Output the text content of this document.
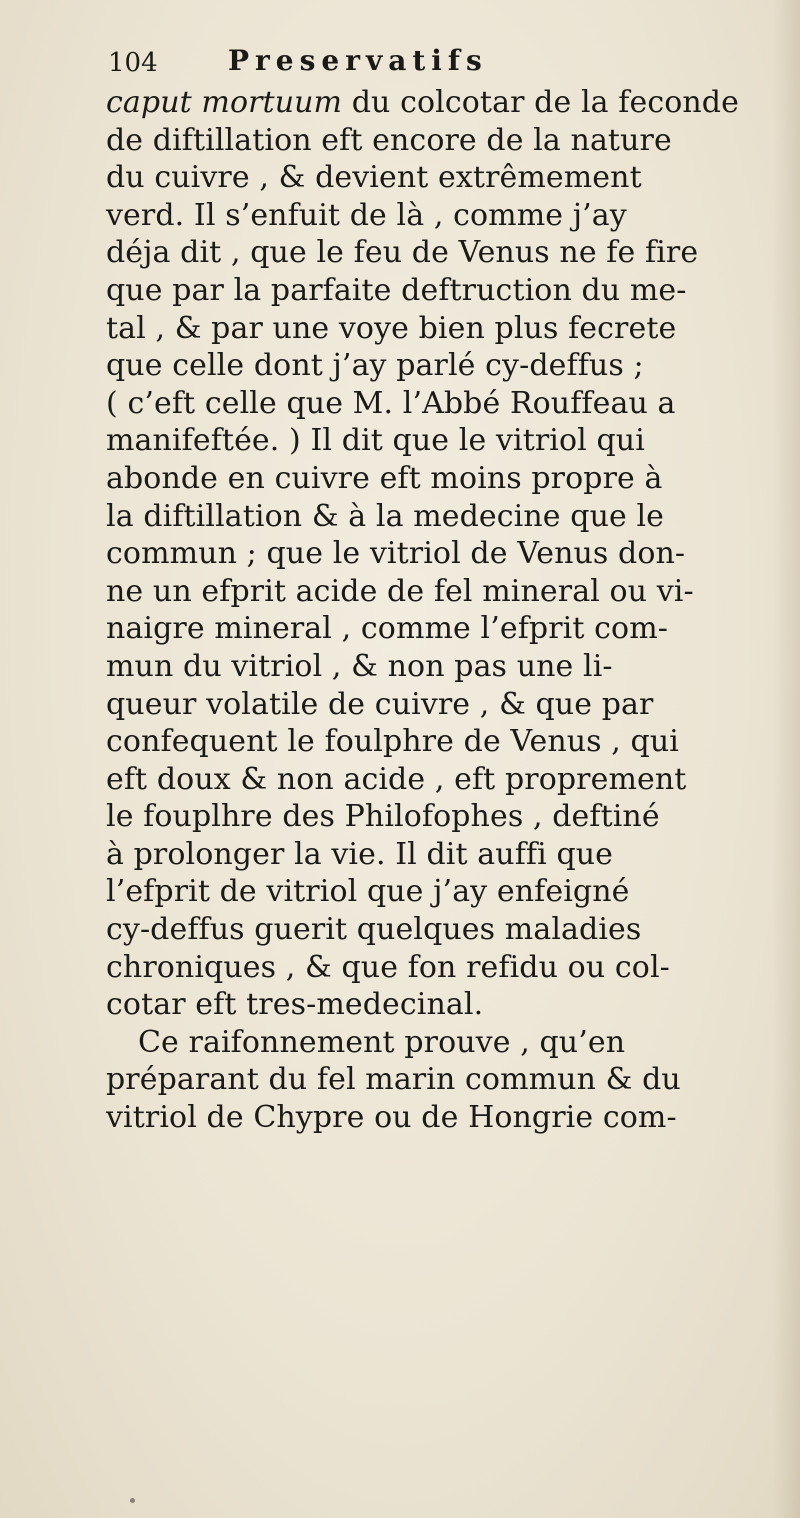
104	Preservatifs
caput mortuum du colcotar de la feconde
de diftillation eft encore de la nature
du cuivre , & devient extrêmement
verd. Il s’enfuit de là , comme j’ay
déja dit , que le feu de Venus ne fe fire
que par la parfaite deftruction du me-
tal , & par une voye bien plus fecrete
que celle dont j’ay parlé cy-deffus ;
( c’eft celle que M. l’Abbé Rouffeau a
manifeftée. ) Il dit que le vitriol qui
abonde en cuivre eft moins propre à
la diftillation & à la medecine que le
commun ; que le vitriol de Venus don-
ne un efprit acide de fel mineral ou vi-
naigre mineral , comme l’efprit com-
mun du vitriol , & non pas une li-
queur volatile de cuivre , & que par
confequent le foulphre de Venus , qui
eft doux & non acide , eft proprement
le fouplhre des Philofophes , deftiné
à prolonger la vie. Il dit auffi que
l’efprit de vitriol que j’ay enfeigné
cy-deffus guerit quelques maladies
chroniques , & que fon refidu ou col-
cotar eft tres-medecinal.
Ce raifonnement prouve , qu’en
préparant du fel marin commun & du
vitriol de Chypre ou de Hongrie com-
